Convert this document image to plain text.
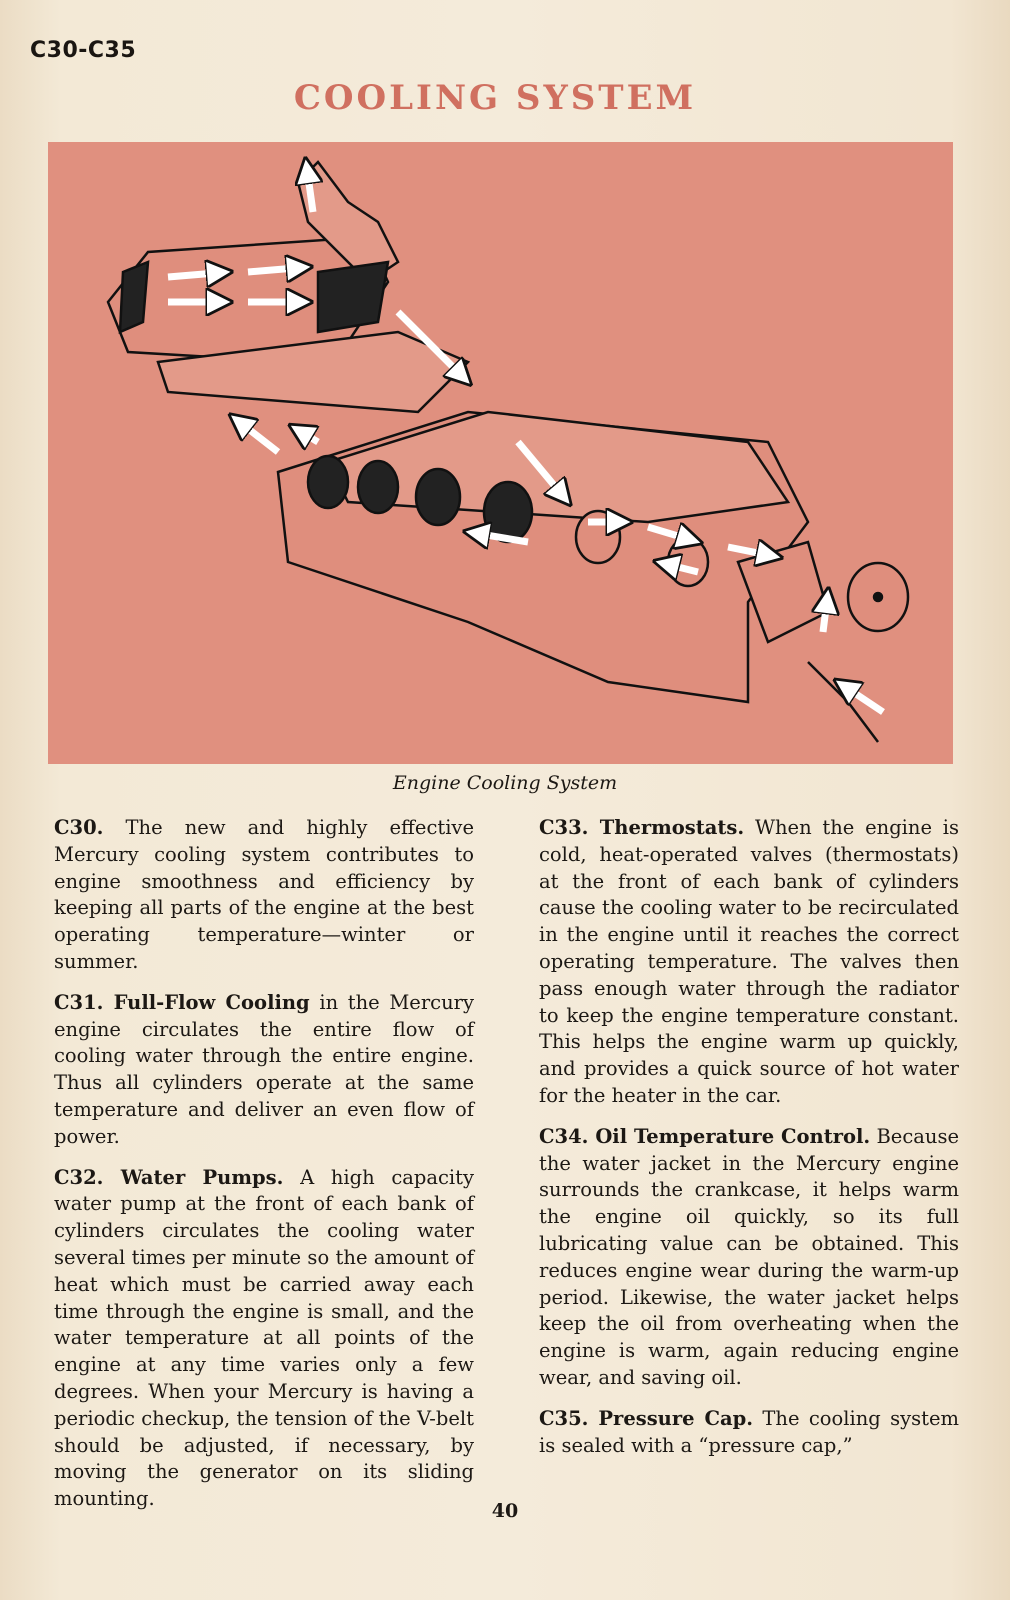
C30-C35
COOLING SYSTEM
Engine Cooling System

C30. The new and highly effective Mercury cooling system contributes to engine smoothness and efficiency by keeping all parts of the engine at the best operating temperature—winter or summer.

C31. Full-Flow Cooling in the Mercury engine circulates the entire flow of cooling water through the entire engine. Thus all cylinders operate at the same temperature and deliver an even flow of power.

C32. Water Pumps. A high capacity water pump at the front of each bank of cylinders circulates the cooling water several times per minute so the amount of heat which must be carried away each time through the engine is small, and the water temperature at all points of the engine at any time varies only a few degrees. When your Mercury is having a periodic checkup, the tension of the V-belt should be adjusted, if necessary, by moving the generator on its sliding mounting.

C33. Thermostats. When the engine is cold, heat-operated valves (thermostats) at the front of each bank of cylinders cause the cooling water to be recirculated in the engine until it reaches the correct operating temperature. The valves then pass enough water through the radiator to keep the engine temperature constant. This helps the engine warm up quickly, and provides a quick source of hot water for the heater in the car.

C34. Oil Temperature Control. Because the water jacket in the Mercury engine surrounds the crankcase, it helps warm the engine oil quickly, so its full lubricating value can be obtained. This reduces engine wear during the warm-up period. Likewise, the water jacket helps keep the oil from overheating when the engine is warm, again reducing engine wear, and saving oil.

C35. Pressure Cap. The cooling system is sealed with a “pressure cap,”

40
